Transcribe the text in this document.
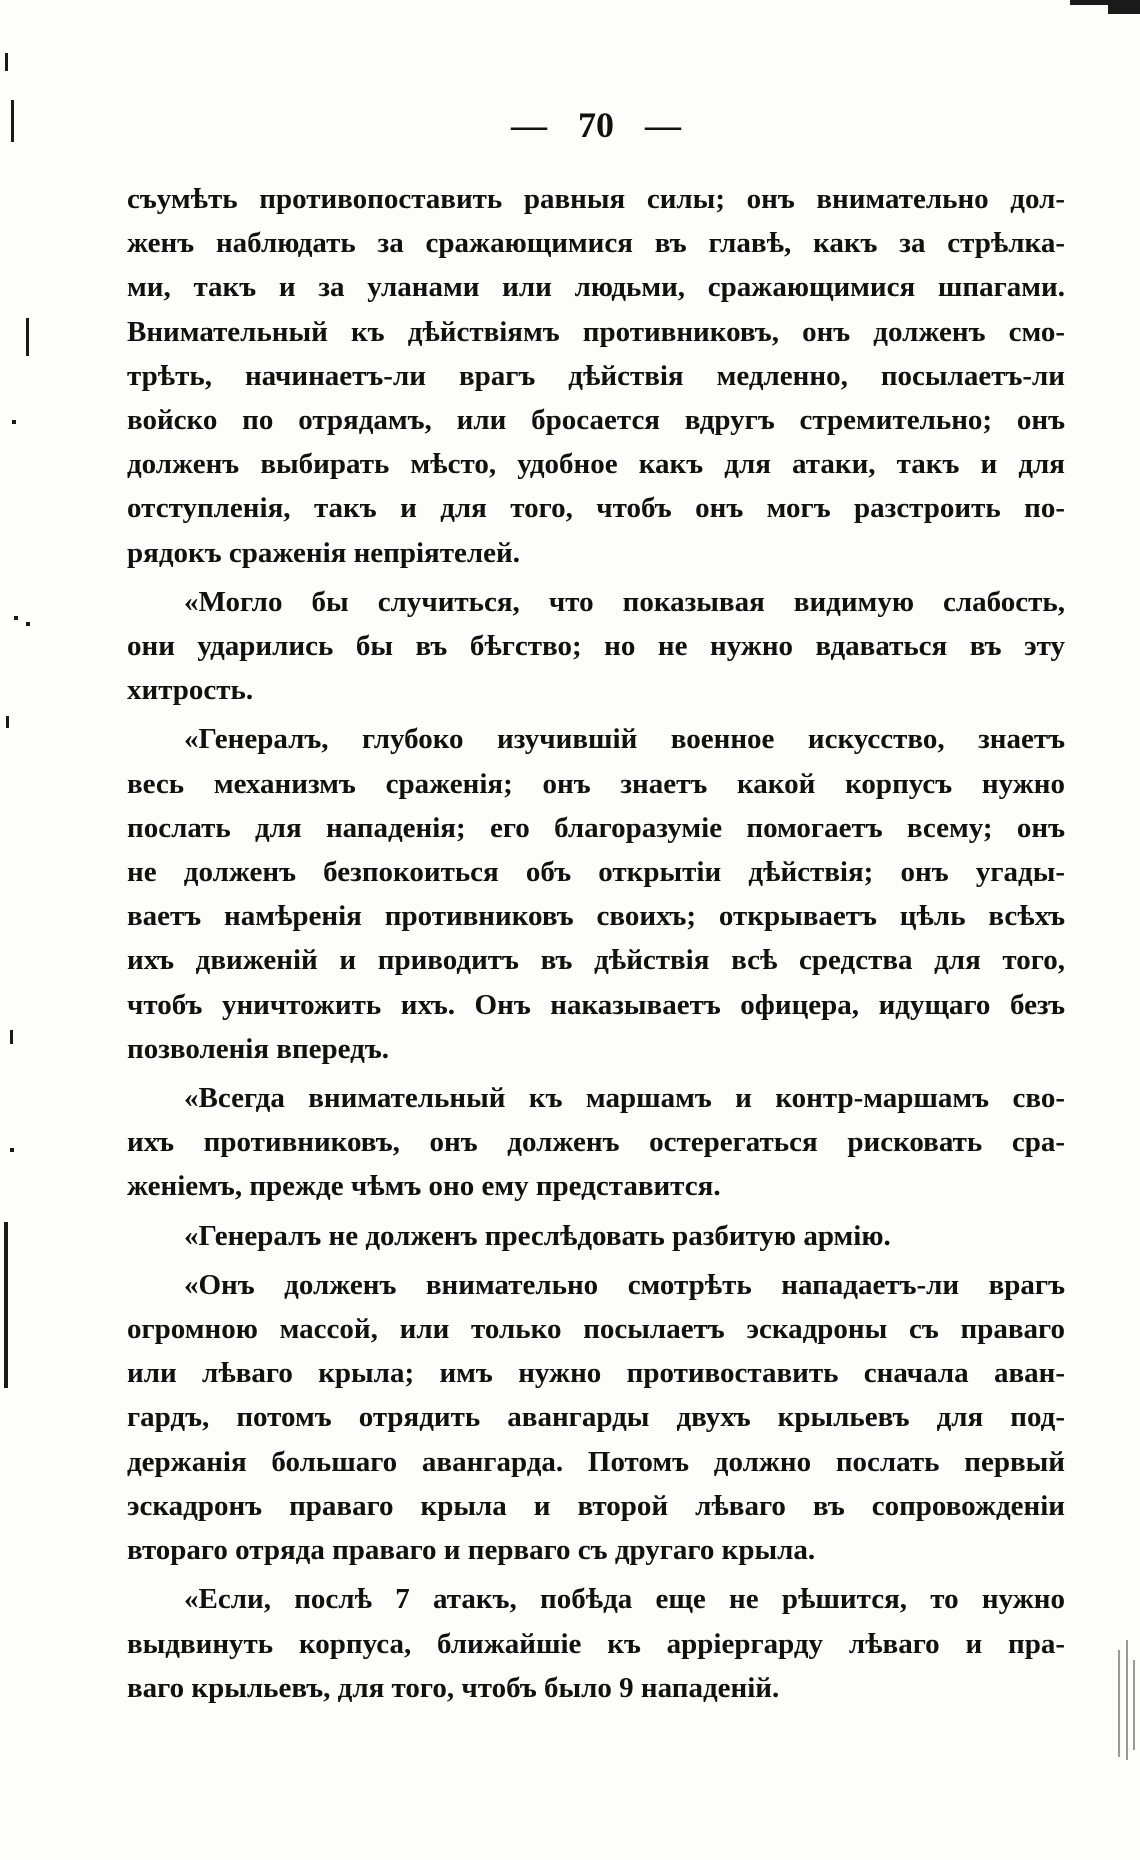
— 70 —
съумѣть противопоставить равныя силы; онъ внимательно дол-
женъ наблюдать за сражающимися въ главѣ, какъ за стрѣлка-
ми, такъ и за уланами или людьми, сражающимися шпагами.
Внимательный къ дѣйствіямъ противниковъ, онъ долженъ смо-
трѣть, начинаетъ-ли врагъ дѣйствія медленно, посылаетъ-ли
войско по отрядамъ, или бросается вдругъ стремительно; онъ
долженъ выбирать мѣсто, удобное какъ для атаки, такъ и для
отступленія, такъ и для того, чтобъ онъ могъ разстроить по-
рядокъ сраженія непріятелей.
«Могло бы случиться, что показывая видимую слабость,
они ударились бы въ бѣгство; но не нужно вдаваться въ эту
хитрость.
«Генералъ, глубоко изучившій военное искусство, знаетъ
весь механизмъ сраженія; онъ знаетъ какой корпусъ нужно
послать для нападенія; его благоразуміе помогаетъ всему; онъ
не долженъ безпокоиться объ открытіи дѣйствія; онъ угады-
ваетъ намѣренія противниковъ своихъ; открываетъ цѣль всѣхъ
ихъ движеній и приводитъ въ дѣйствія всѣ средства для того,
чтобъ уничтожить ихъ. Онъ наказываетъ офицера, идущаго безъ
позволенія впередъ.
«Всегда внимательный къ маршамъ и контр-маршамъ сво-
ихъ противниковъ, онъ долженъ остерегаться рисковать сра-
женіемъ, прежде чѣмъ оно ему представится.
«Генералъ не долженъ преслѣдовать разбитую армію.
«Онъ долженъ внимательно смотрѣть нападаетъ-ли врагъ
огромною массой, или только посылаетъ эскадроны съ праваго
или лѣваго крыла; имъ нужно противоставить сначала аван-
гардъ, потомъ отрядить авангарды двухъ крыльевъ для под-
держанія большаго авангарда. Потомъ должно послать первый
эскадронъ праваго крыла и второй лѣваго въ сопровожденіи
втораго отряда праваго и перваго съ другаго крыла.
«Если, послѣ 7 атакъ, побѣда еще не рѣшится, то нужно
выдвинуть корпуса, ближайшіе къ арріергарду лѣваго и пра-
ваго крыльевъ, для того, чтобъ было 9 нападеній.
